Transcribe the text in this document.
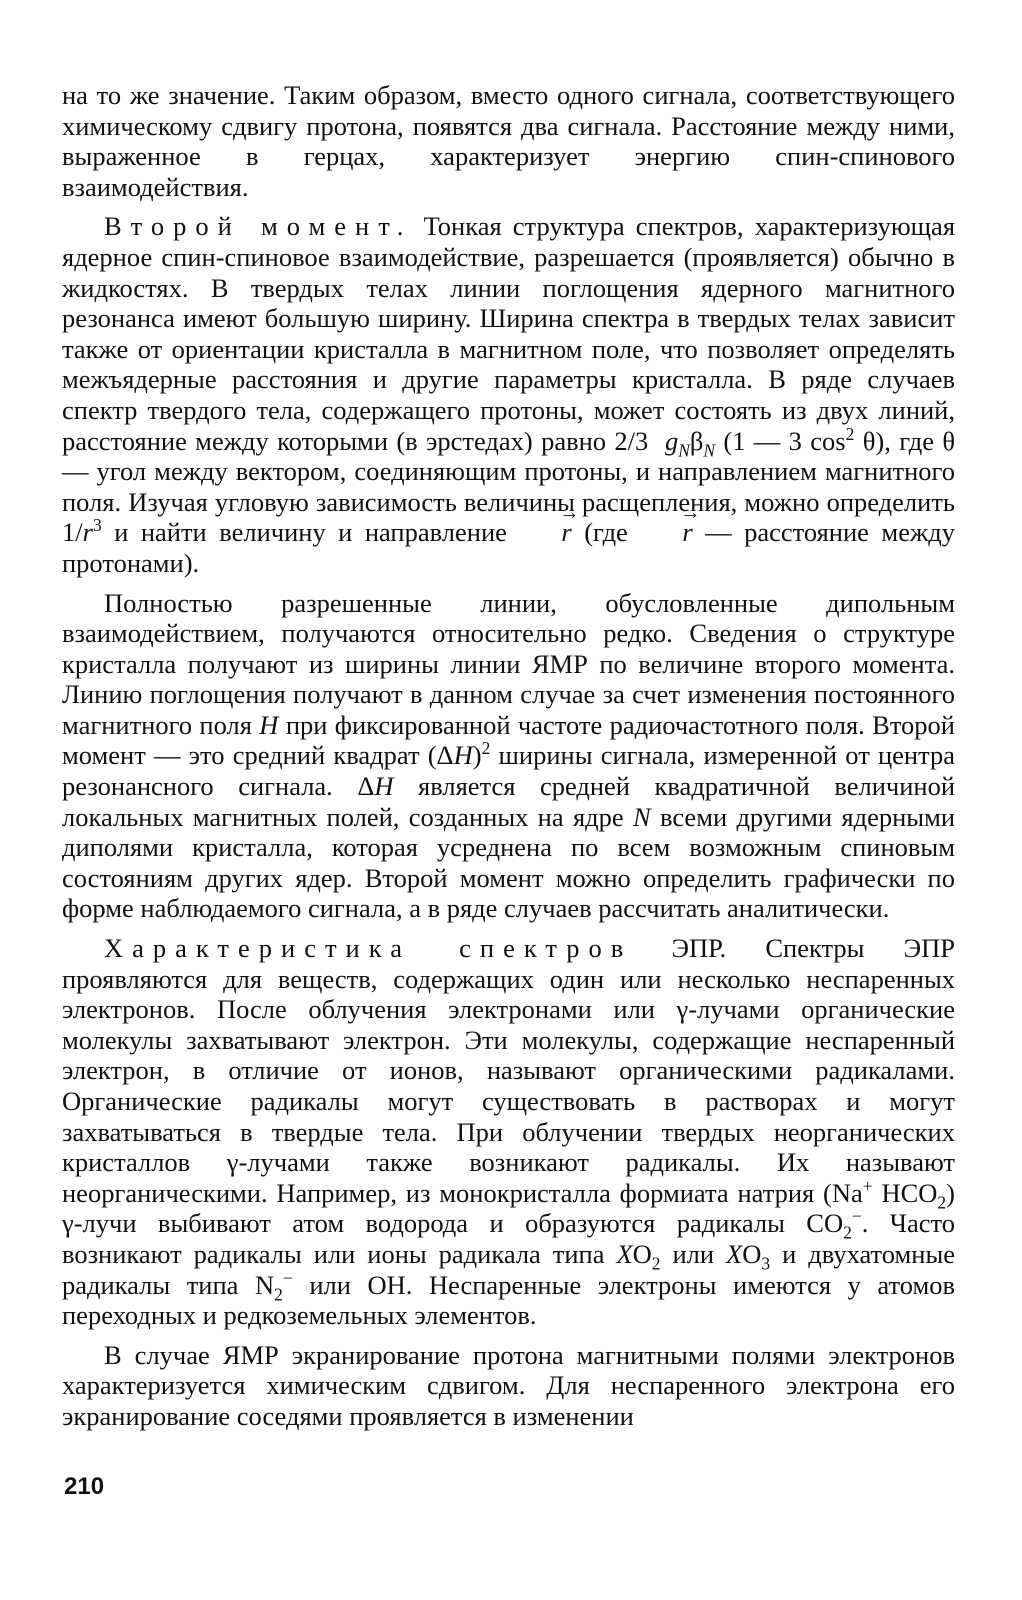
на то же значение. Таким образом, вместо одного сигнала, соответствующего химическому сдвигу протона, появятся два сигнала. Расстояние между ними, выраженное в герцах, характеризует энергию спин-спинового взаимодействия.

Второй момент. Тонкая структура спектров, характеризующая ядерное спин-спиновое взаимодействие, разрешается (проявляется) обычно в жидкостях. В твердых телах линии поглощения ядерного магнитного резонанса имеют большую ширину. Ширина спектра в твердых телах зависит также от ориентации кристалла в магнитном поле, что позволяет определять межъядерные расстояния и другие параметры кристалла. В ряде случаев спектр твердого тела, содержащего протоны, может состоять из двух линий, расстояние между которыми (в эрстедах) равно 2/3 $g_N\beta_N$ (1 — 3 $\cos^2 \theta$), где θ — угол между вектором, соединяющим протоны, и направлением магнитного поля. Изучая угловую зависимость величины расщепления, можно определить $1/r^3$ и найти величину и направление → r (где → r — расстояние между протонами).

Полностью разрешенные линии, обусловленные дипольным взаимодействием, получаются относительно редко. Сведения о структуре кристалла получают из ширины линии ЯМР по величине второго момента. Линию поглощения получают в данном случае за счет изменения постоянного магнитного поля H при фиксированной частоте радиочастотного поля. Второй момент — это средний квадрат $(\Delta H)^2$ ширины сигнала, измеренной от центра резонансного сигнала. ΔH является средней квадратичной величиной локальных магнитных полей, созданных на ядре N всеми другими ядерными диполями кристалла, которая усреднена по всем возможным спиновым состояниям других ядер. Второй момент можно определить графически по форме наблюдаемого сигнала, а в ряде случаев рассчитать аналитически.

Характеристика спектров ЭПР. Спектры ЭПР проявляются для веществ, содержащих один или несколько неспаренных электронов. После облучения электронами или γ-лучами органические молекулы захватывают электрон. Эти молекулы, содержащие неспаренный электрон, в отличие от ионов, называют органическими радикалами. Органические радикалы могут существовать в растворах и могут захватываться в твердые тела. При облучении твердых неорганических кристаллов γ-лучами также возникают радикалы. Их называют неорганическими. Например, из монокристалла формиата натрия (Na+ $HCO_2$) γ-лучи выбивают атом водорода и образуются радикалы $CO_2^-$. Часто возникают радикалы или ионы радикала типа $XO_2$ или $XO_3$ и двухатомные радикалы типа $N_2^-$ или OH. Неспаренные электроны имеются у атомов переходных и редкоземельных элементов.

В случае ЯМР экранирование протона магнитными полями электронов характеризуется химическим сдвигом. Для неспаренного электрона его экранирование соседями проявляется в изменении

210
